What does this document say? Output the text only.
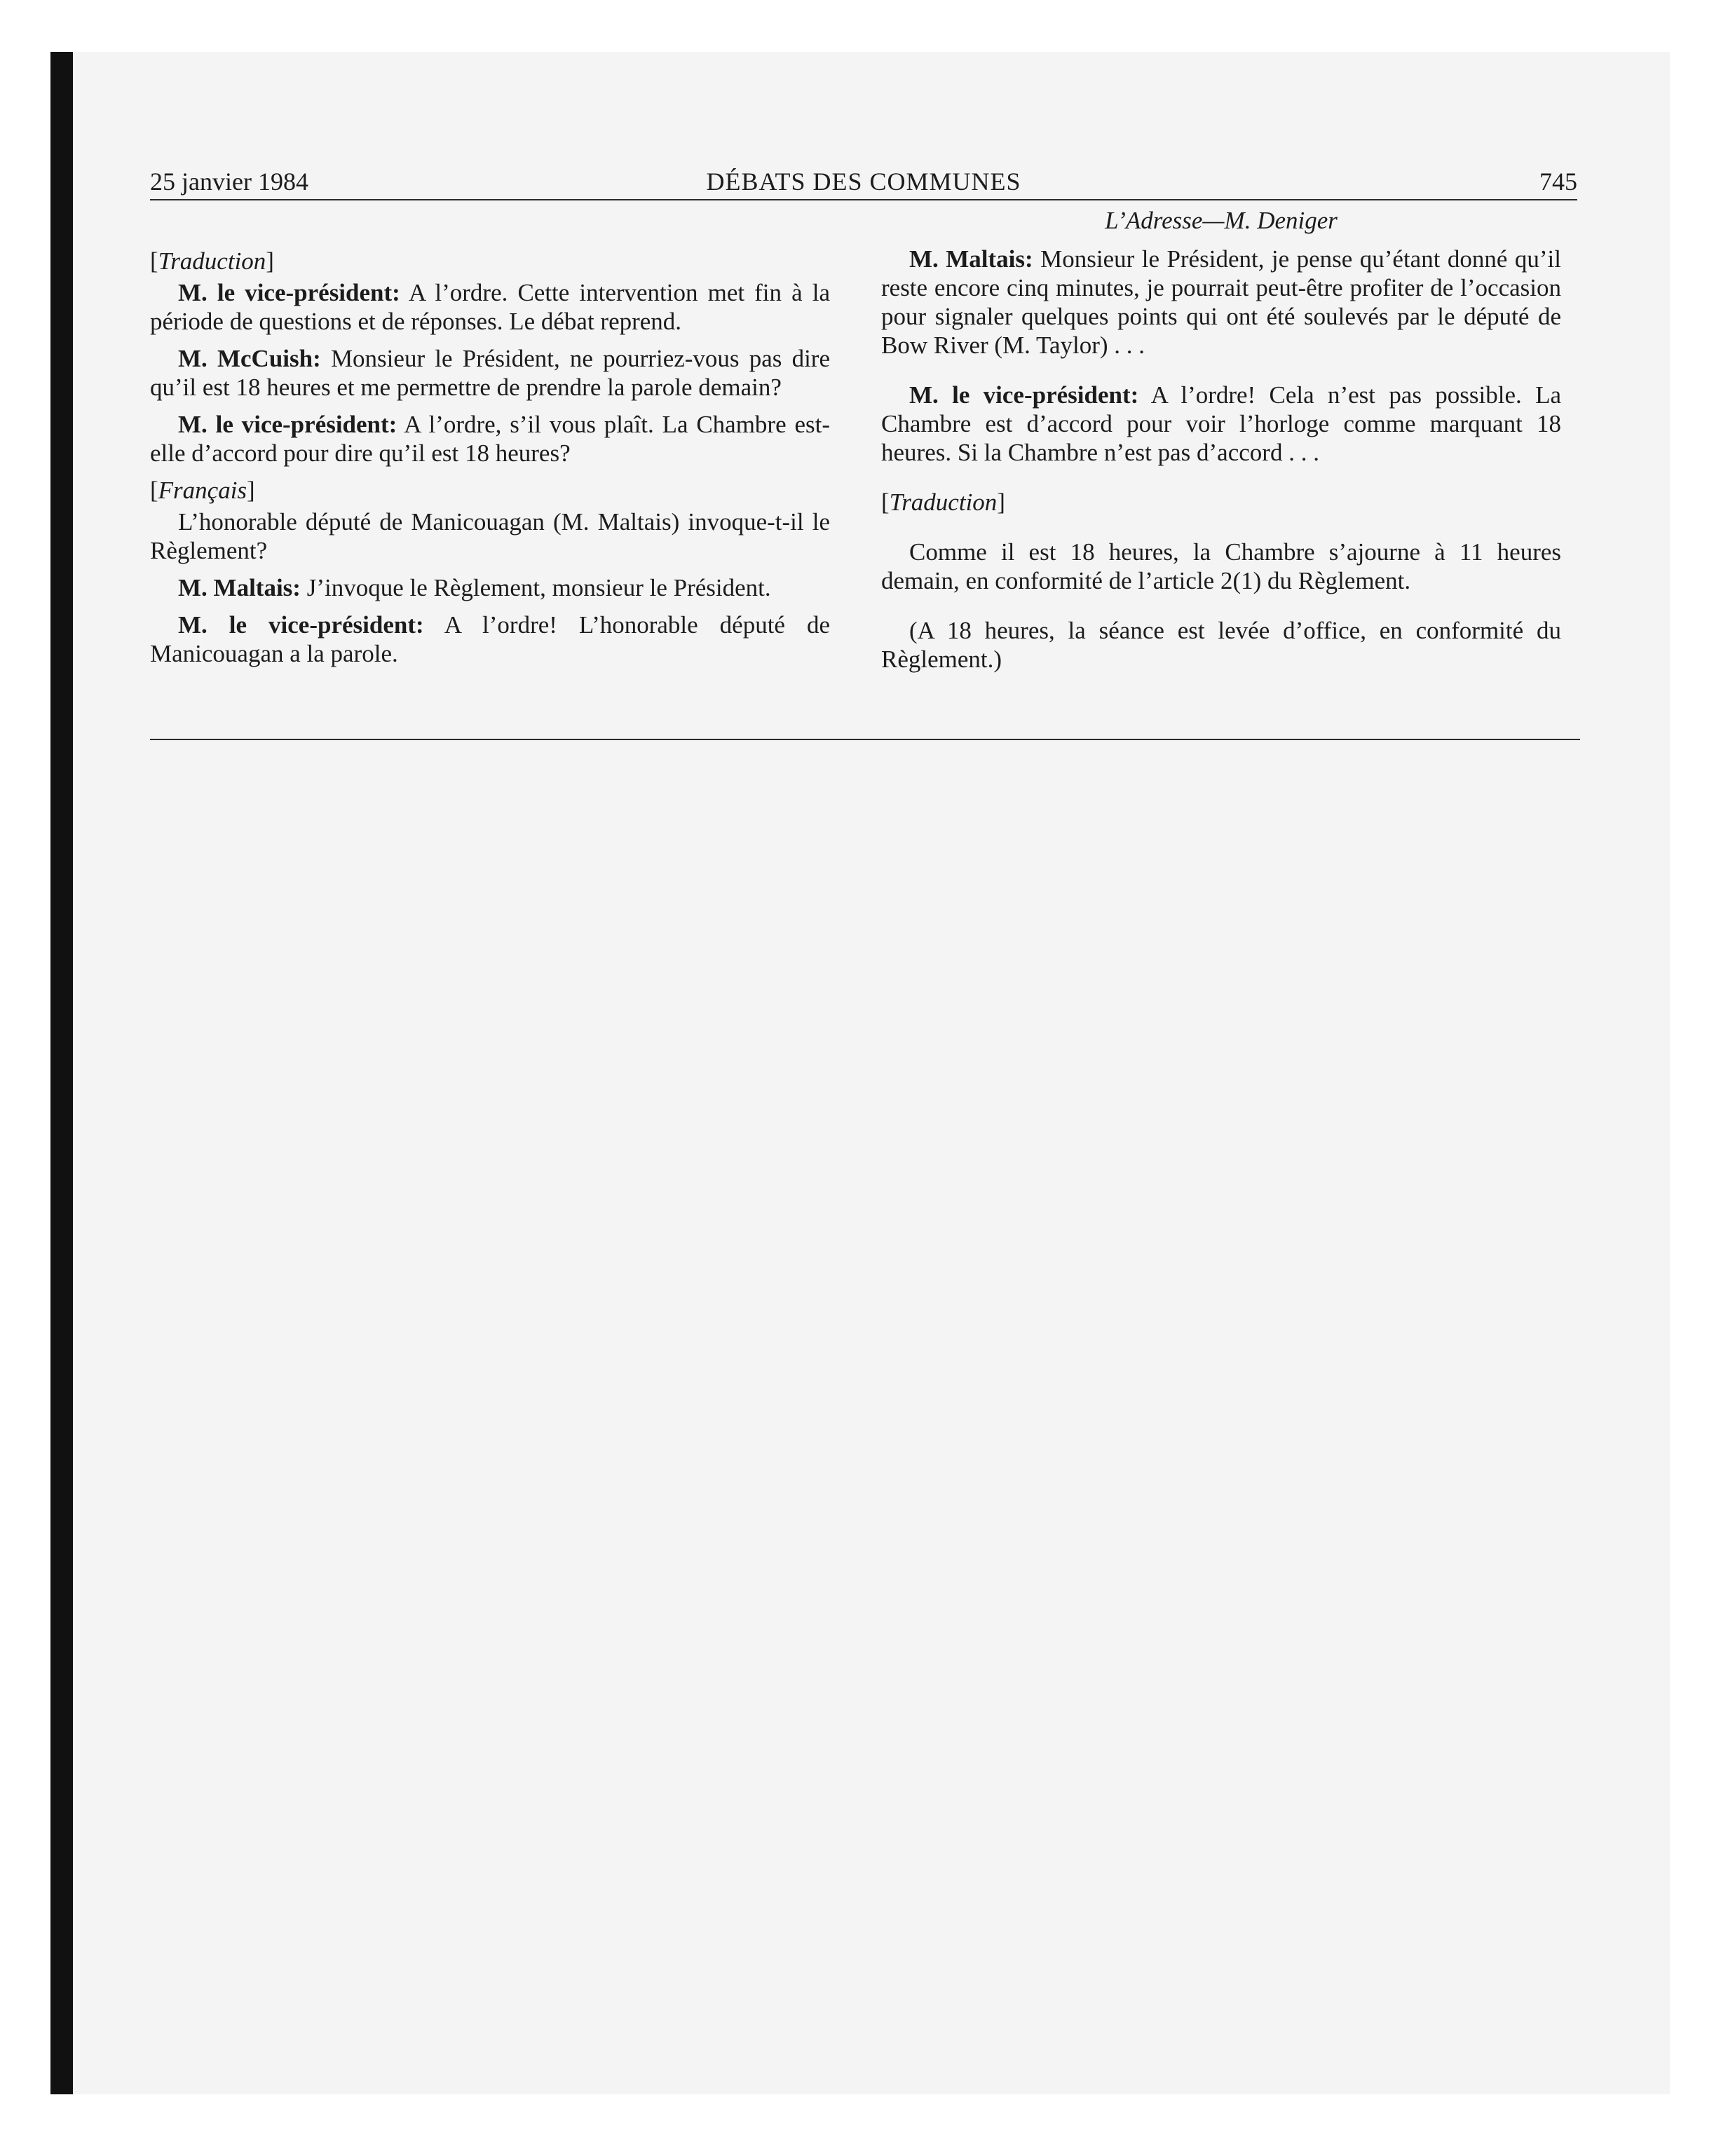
25 janvier 1984	DÉBATS DES COMMUNES	745

[Traduction]

M. le vice-président: A l’ordre. Cette intervention met fin à la période de questions et de réponses. Le débat reprend.

M. McCuish: Monsieur le Président, ne pourriez-vous pas dire qu’il est 18 heures et me permettre de prendre la parole demain?

M. le vice-président: A l’ordre, s’il vous plaît. La Chambre est-elle d’accord pour dire qu’il est 18 heures?

[Français]

L’honorable député de Manicouagan (M. Maltais) invoque-t-il le Règlement?

M. Maltais: J’invoque le Règlement, monsieur le Président.

M. le vice-président: A l’ordre! L’honorable député de Manicouagan a la parole.

L’Adresse—M. Deniger

M. Maltais: Monsieur le Président, je pense qu’étant donné qu’il reste encore cinq minutes, je pourrait peut-être profiter de l’occasion pour signaler quelques points qui ont été soulevés par le député de Bow River (M. Taylor) . . .

M. le vice-président: A l’ordre! Cela n’est pas possible. La Chambre est d’accord pour voir l’horloge comme marquant 18 heures. Si la Chambre n’est pas d’accord . . .

[Traduction]

Comme il est 18 heures, la Chambre s’ajourne à 11 heures demain, en conformité de l’article 2(1) du Règlement.

(A 18 heures, la séance est levée d’office, en conformité du Règlement.)
